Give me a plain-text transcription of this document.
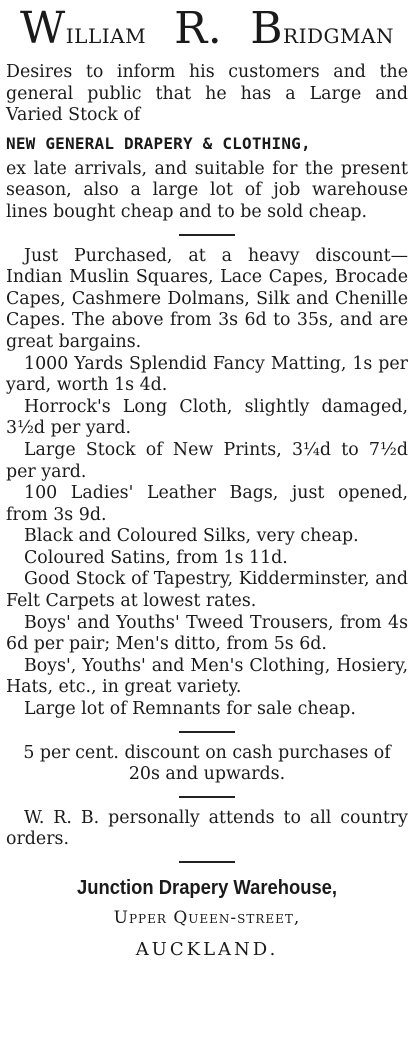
WILLIAM R. BRIDGMAN

Desires to inform his customers and the general public that he has a Large and Varied Stock of

NEW GENERAL DRAPERY & CLOTHING,

ex late arrivals, and suitable for the present season, also a large lot of job warehouse lines bought cheap and to be sold cheap.

Just Purchased, at a heavy discount—Indian Muslin Squares, Lace Capes, Brocade Capes, Cashmere Dolmans, Silk and Chenille Capes. The above from 3s 6d to 35s, and are great bargains.

1000 Yards Splendid Fancy Matting, 1s per yard, worth 1s 4d.

Horrock's Long Cloth, slightly damaged, 3½d per yard.

Large Stock of New Prints, 3¼d to 7½d per yard.

100 Ladies' Leather Bags, just opened, from 3s 9d.

Black and Coloured Silks, very cheap.

Coloured Satins, from 1s 11d.

Good Stock of Tapestry, Kidderminster, and Felt Carpets at lowest rates.

Boys' and Youths' Tweed Trousers, from 4s 6d per pair; Men's ditto, from 5s 6d.

Boys', Youths' and Men's Clothing, Hosiery, Hats, etc., in great variety.

Large lot of Remnants for sale cheap.

5 per cent. discount on cash purchases of 20s and upwards.

W. R. B. personally attends to all country orders.

Junction Drapery Warehouse,

Upper Queen-street,

AUCKLAND.
